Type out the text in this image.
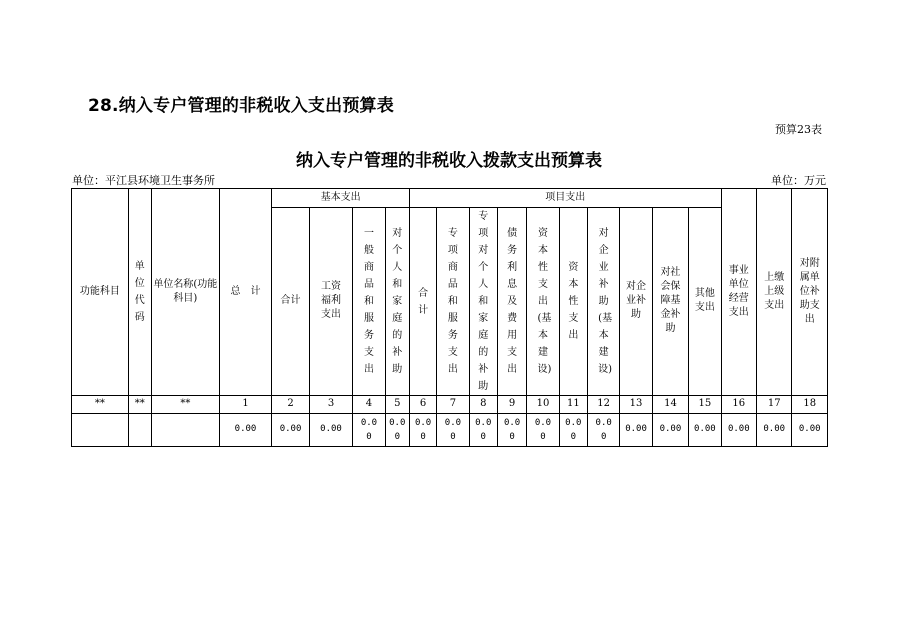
28.纳入专户管理的非税收入支出预算表
预算23表
纳入专户管理的非税收入拨款支出预算表
单位：平江县环境卫生事务所	单位：万元
功能科目	单位代码	单位名称(功能科目)	总　计	基本支出				项目支出										事业单位经营支出	上缴上级支出	对附属单位补助支出
				合计	工资福利支出	一般商品和服务支出	对个人和家庭的补助	合计	专项商品和服务支出	专项对个人和家庭的补助	债务利息及费用支出	资本性支出(基本建设)	资本性支出	对企业补助(基本建设)	对企业补助	对社会保障基金补助	其他支出			
**	**	**	1	2	3	4	5	6	7	8	9	10	11	12	13	14	15	16	17	18
			0.00	0.00	0.00	0.00	0.00	0.00	0.00	0.00	0.00	0.00	0.00	0.00	0.00	0.00	0.00	0.00	0.00	0.00
